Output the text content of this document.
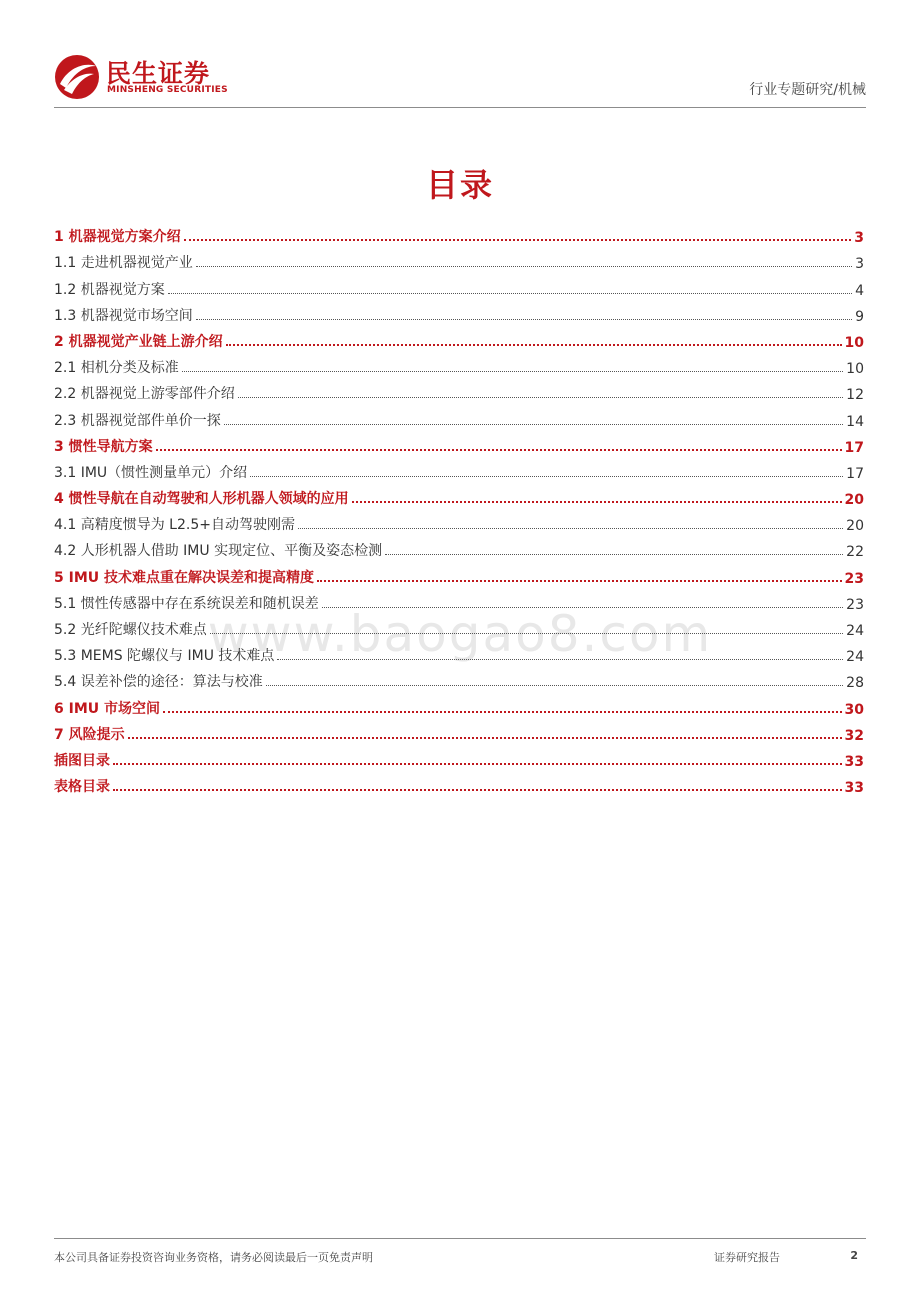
民生证券
MINSHENG SECURITIES	行业专题研究/机械
目录
www.baogao8.com
1 机器视觉方案介绍	3
1.1 走进机器视觉产业	3
1.2 机器视觉方案	4
1.3 机器视觉市场空间	9
2 机器视觉产业链上游介绍	10
2.1 相机分类及标准	10
2.2 机器视觉上游零部件介绍	12
2.3 机器视觉部件单价一探	14
3 惯性导航方案	17
3.1 IMU（惯性测量单元）介绍	17
4 惯性导航在自动驾驶和人形机器人领域的应用	20
4.1 高精度惯导为 L2.5+自动驾驶刚需	20
4.2 人形机器人借助 IMU 实现定位、平衡及姿态检测	22
5 IMU 技术难点重在解决误差和提高精度	23
5.1 惯性传感器中存在系统误差和随机误差	23
5.2 光纤陀螺仪技术难点	24
5.3 MEMS 陀螺仪与 IMU 技术难点	24
5.4 误差补偿的途径：算法与校准	28
6 IMU 市场空间	30
7 风险提示	32
插图目录	33
表格目录	33
本公司具备证券投资咨询业务资格，请务必阅读最后一页免责声明	证券研究报告	2
